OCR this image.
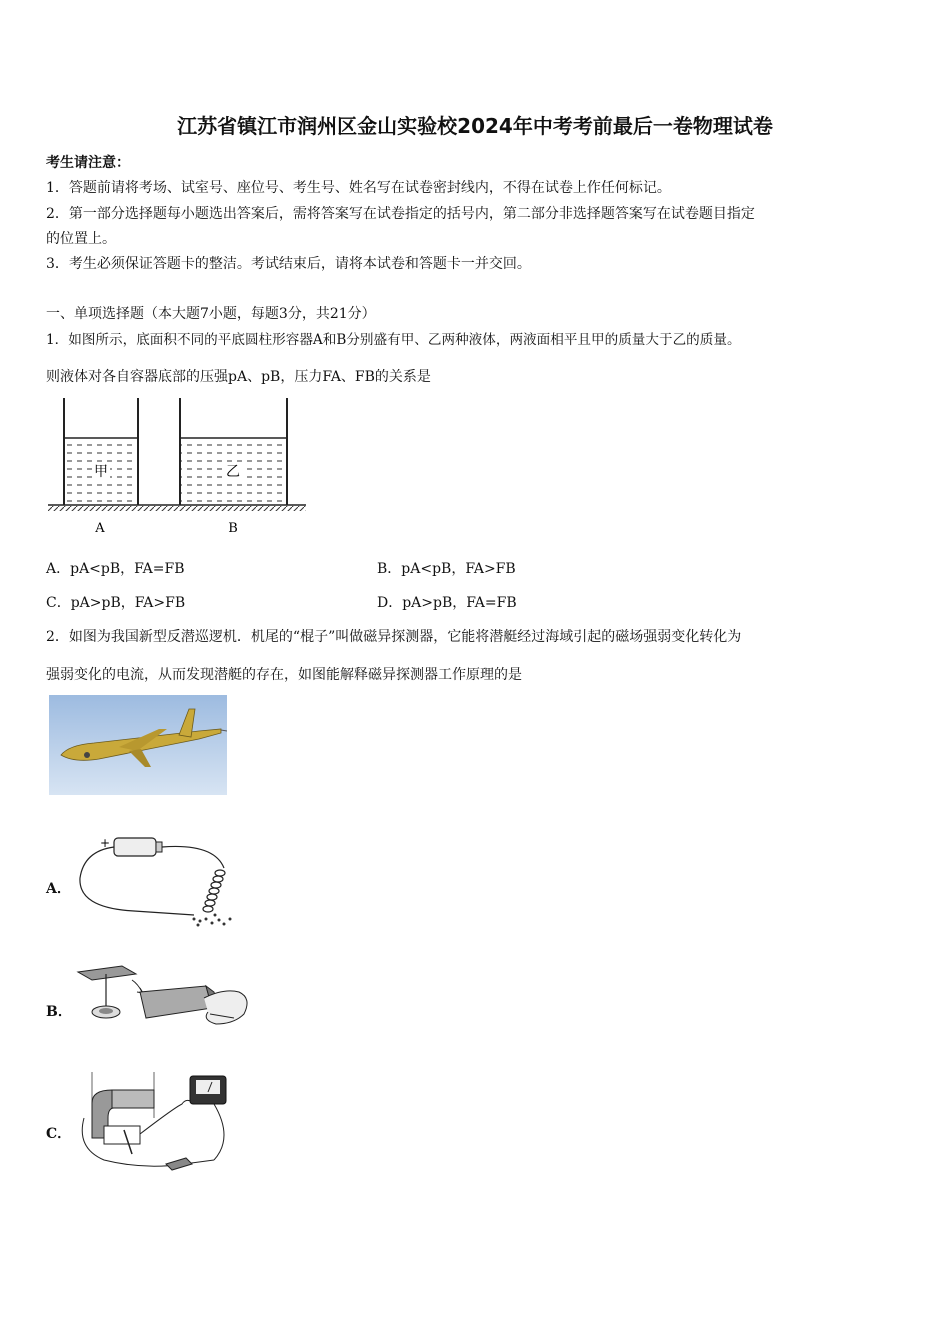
江苏省镇江市润州区金山实验校2024年中考考前最后一卷物理试卷
考生请注意：
1．答题前请将考场、试室号、座位号、考生号、姓名写在试卷密封线内，不得在试卷上作任何标记。
2．第一部分选择题每小题选出答案后，需将答案写在试卷指定的括号内，第二部分非选择题答案写在试卷题目指定
的位置上。
3．考生必须保证答题卡的整洁。考试结束后，请将本试卷和答题卡一并交回。
一、单项选择题（本大题7小题，每题3分，共21分）
1．如图所示，底面积不同的平底圆柱形容器A和B分别盛有甲、乙两种液体，两液面相平且甲的质量大于乙的质量。
则液体对各自容器底部的压强pA、pB，压力FA、FB的关系是
甲	乙
A	B
A．pA<pB，FA=FB	B．pA<pB，FA>FB
C．pA>pB，FA>FB	D．pA>pB，FA=FB
2．如图为我国新型反潜巡逻机．机尾的“棍子”叫做磁异探测器，它能将潜艇经过海域引起的磁场强弱变化转化为
强弱变化的电流，从而发现潜艇的存在，如图能解释磁异探测器工作原理的是
A．
+
B．
C．
